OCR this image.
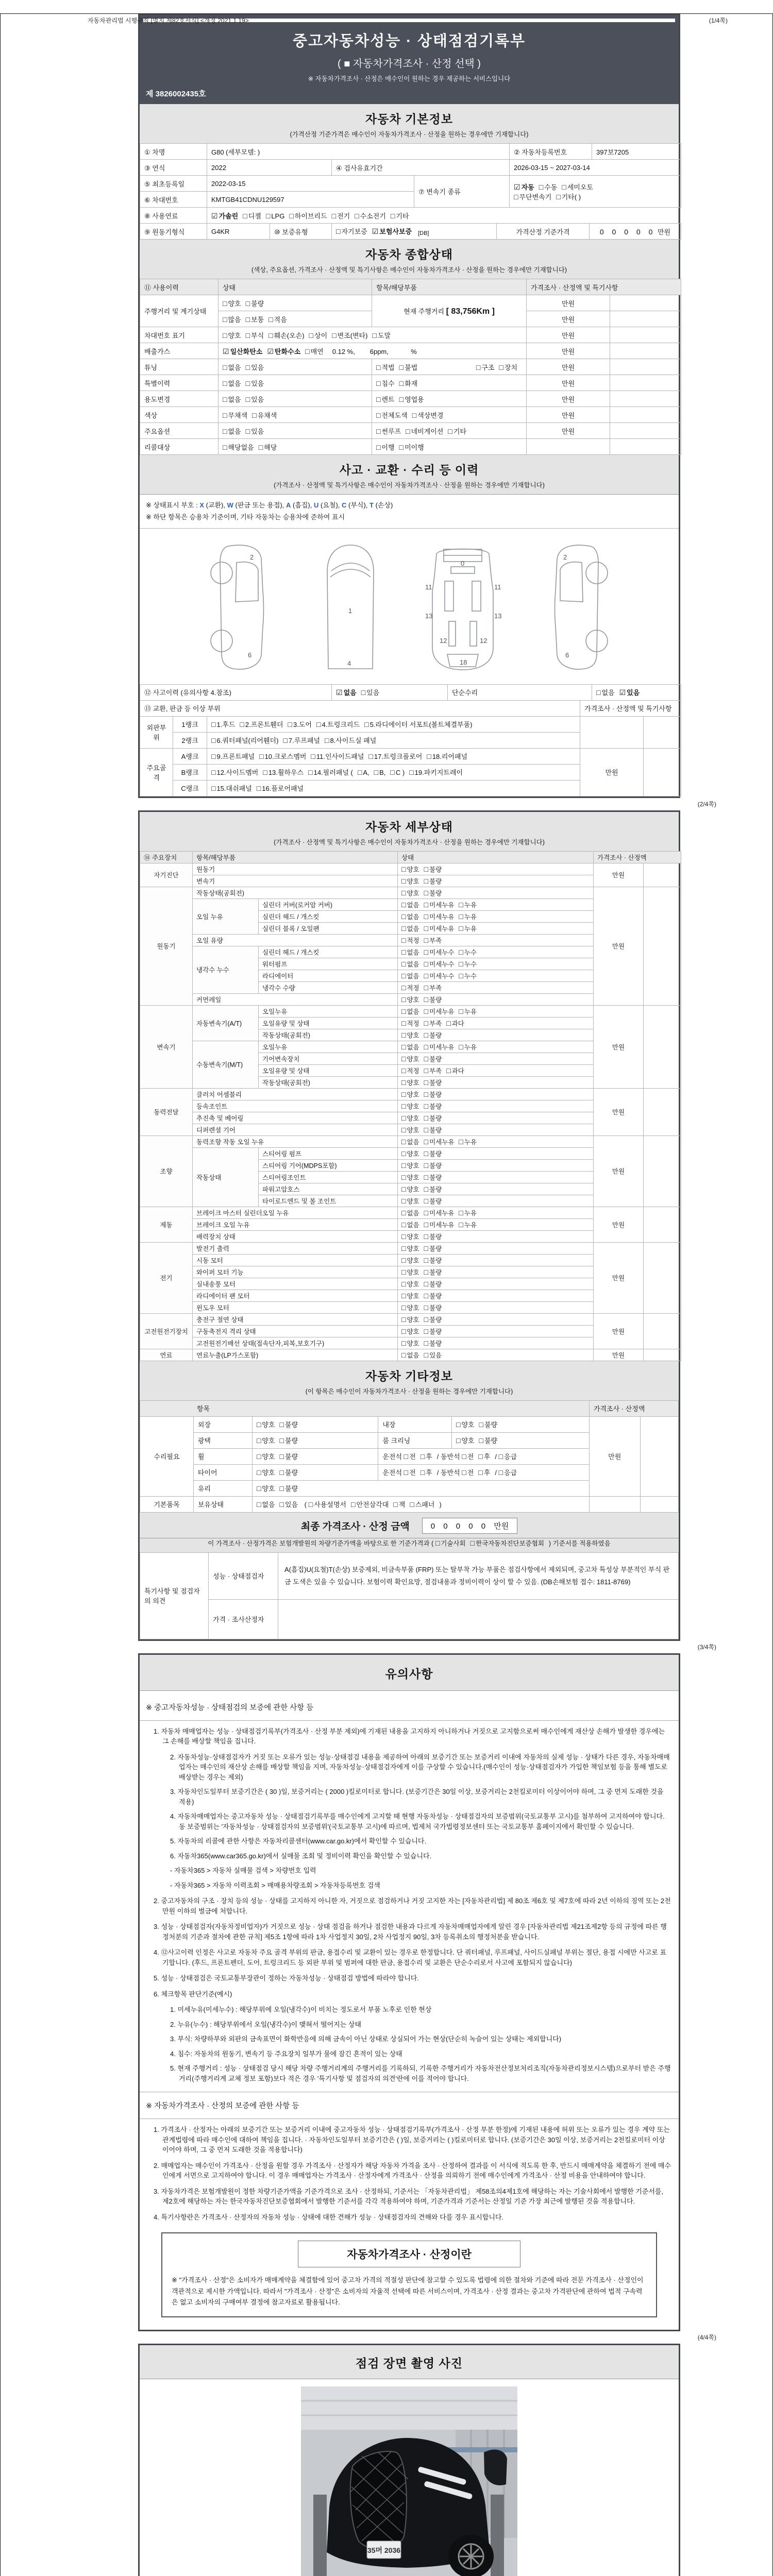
자동차관리법 시행규칙 [별지 제82호서식] <개정 2021.1.19>	(1/4쪽)
중고자동차성능 · 상태점검기록부
( ■ 자동차가격조사 · 산정 선택 )
※ 자동차가격조사 · 산정은 매수인이 원하는 경우 제공하는 서비스입니다
제 3826002435호
자동차 기본정보
(가격산정 기준가격은 매수인이 자동차가격조사 · 산정을 원하는 경우에만 기재합니다)
① 차명	G80 (세부모델: )	② 자동차등록번호	397보7205
③ 연식	2022	④ 검사유효기간	2026-03-15 ~ 2027-03-14
⑤ 최초등록일	2022-03-15	⑦ 변속기 종류	☑ 자동 □ 수동 □ 세미오토
□ 무단변속기 □ 기타( )
⑥ 차대번호	KMTGB41CDNU129597		
⑧ 사용연료	☑ 가솔린 □ 디젤 □ LPG □ 하이브리드 □ 전기 □ 수소전기 □ 기타
⑨ 원동기형식	G4KR	⑩ 보증유형	□ 자기보증 ☑ 보험사보증 [DB]	가격산정 기준가격	0 0 0 0 0 만원
자동차 종합상태
(색상, 주요옵션, 가격조사 · 산정액 및 특기사항은 매수인이 자동차가격조사 · 산정을 원하는 경우에만 기재합니다)
⑪ 사용이력	상태	항목/해당부품	가격조사 · 산정액 및 특기사항	
주행거리 및 계기상태	□ 양호 □ 불량	현재 주행거리 [ 83,756Km ]	만원	
	□ 많음 □ 보통 □ 적음		만원	
차대번호 표기	□ 양호 □ 부식 □ 훼손(오손) □ 상이 □ 변조(변타) □ 도말		만원	
배출가스	☑ 일산화탄소 ☑ 탄화수소 □ 매연 0.12 %,        6ppm,            %		만원	
튜닝	□ 없음 □ 있음	□ 적법 □ 불법 □ 구조 □ 장치	만원	
특별이력	□ 없음 □ 있음	□ 침수 □ 화재	만원	
용도변경	□ 없음 □ 있음	□ 렌트 □ 영업용	만원	
색상	□ 무채색 □ 유채색	□ 전체도색 □ 색상변경	만원	
주요옵션	□ 없음 □ 있음	□ 썬루프 □ 네비게이션 □ 기타	만원	
리콜대상	□ 해당없음 □ 해당	□ 이행 □ 미이행		
사고 · 교환 · 수리 등 이력
(가격조사 · 산정액 및 특기사항은 매수인이 자동차가격조사 · 산정을 원하는 경우에만 기재합니다)
※ 상태표시 부호 : X (교환), W (판금 또는 용접), A (흠집), U (요철), C (부식), T (손상)
※ 하단 항목은 승용차 기준이며, 기타 자동차는 승용차에 준하여 표시
2
6
1
4
11	11
13	13
12	12
0
18
2
6
⑫ 사고이력 (유의사항 4.참조)	☑ 없음 □ 있음	단순수리	□ 없음 ☑ 있음
⑬ 교환, 판금 등 이상 부위			가격조사 · 산정액 및 특기사항	
외판부위	1랭크	□ 1.후드 □ 2.프론트휀더 □ 3.도어 □ 4.트렁크리드 □ 5.라디에이터 서포트(볼트체결부품)		
	2랭크	□ 6.쿼터패널(리어휀더) □ 7.루프패널 □ 8.사이드실 패널		
주요골격	A랭크	□ 9.프론트패널 □ 10.크로스멤버 □ 11.인사이드패널 □ 17.트렁크플로어 □ 18.리어패널	만원	
	B랭크	□ 12.사이드멤버 □ 13.휠하우스 □ 14.필러패널 ( □ A, □ B, □ C ) □ 19.파키지트레이		
	C랭크	□ 15.대쉬패널 □ 16.플로어패널		
(2/4쪽)
자동차 세부상태
(가격조사 · 산정액 및 특기사항은 매수인이 자동차가격조사 · 산정을 원하는 경우에만 기재합니다)
⑭ 주요장치	항목/해당부품		상태	가격조사 · 산정액	
자기진단	원동기		□ 양호 □ 불량	만원	
	변속기		□ 양호 □ 불량		
원동기	작동상태(공회전)		□ 양호 □ 불량	만원	
	오일 누유	실린더 커버(로커암 커버)	□ 없음 □ 미세누유 □ 누유		
		실린더 헤드 / 개스킷	□ 없음 □ 미세누유 □ 누유		
		실린더 블록 / 오일팬	□ 없음 □ 미세누유 □ 누유		
	오일 유량		□ 적정 □ 부족		
	냉각수 누수	실린더 헤드 / 개스킷	□ 없음 □ 미세누수 □ 누수		
		워터펌프	□ 없음 □ 미세누수 □ 누수		
		라디에이터	□ 없음 □ 미세누수 □ 누수		
		냉각수 수량	□ 적정 □ 부족		
	커먼레일		□ 양호 □ 불량		
변속기	자동변속기(A/T)	오일누유	□ 없음 □ 미세누유 □ 누유	만원	
		오일유량 및 상태	□ 적정 □ 부족 □ 과다		
		작동상태(공회전)	□ 양호 □ 불량		
	수동변속기(M/T)	오일누유	□ 없음 □ 미세누유 □ 누유		
		기어변속장치	□ 양호 □ 불량		
		오일유량 및 상태	□ 적정 □ 부족 □ 과다		
		작동상태(공회전)	□ 양호 □ 불량		
동력전달	클러치 어셈블리		□ 양호 □ 불량	만원	
	등속조인트		□ 양호 □ 불량		
	추진축 및 베어링		□ 양호 □ 불량		
	디퍼렌셜 기어		□ 양호 □ 불량		
조향	동력조향 작동 오일 누유		□ 없음 □ 미세누유 □ 누유	만원	
	작동상태	스티어링 펌프	□ 양호 □ 불량		
		스티어링 기어(MDPS포함)	□ 양호 □ 불량		
		스티어링조인트	□ 양호 □ 불량		
		파워고압호스	□ 양호 □ 불량		
		타이로드엔드 및 볼 조인트	□ 양호 □ 불량		
제동	브레이크 마스터 실린더오일 누유		□ 없음 □ 미세누유 □ 누유	만원	
	브레이크 오일 누유		□ 없음 □ 미세누유 □ 누유		
	배력장치 상태		□ 양호 □ 불량		
전기	발전기 출력		□ 양호 □ 불량	만원	
	시동 모터		□ 양호 □ 불량		
	와이퍼 모터 기능		□ 양호 □ 불량		
	실내송풍 모터		□ 양호 □ 불량		
	라디에이터 팬 모터		□ 양호 □ 불량		
	윈도우 모터		□ 양호 □ 불량		
고전원전기장치	충전구 절연 상태		□ 양호 □ 불량	만원	
	구동축전지 격리 상태		□ 양호 □ 불량		
	고전원전기배선 상태(접속단자,피복,보호기구)		□ 양호 □ 불량		
연료	연료누출(LP가스포함)		□ 없음 □ 있음	만원	
자동차 기타정보
(이 항목은 매수인이 자동차가격조사 · 산정을 원하는 경우에만 기재합니다)
항목					가격조사 · 산정액	
수리필요	외장	□ 양호 □ 불량	내장	□ 양호 □ 불량	만원	
	광택	□ 양호 □ 불량	룸 크리닝	□ 양호 □ 불량		
	휠	□ 양호 □ 불량	운전석 □ 전 □ 후 / 동반석 □ 전 □ 후 / □ 응급			
	타이어	□ 양호 □ 불량	운전석 □ 전 □ 후 / 동반석 □ 전 □ 후 / □ 응급			
	유리	□ 양호 □ 불량				
기본품목	보유상태	□ 없음 □ 있음 ( □ 사용설명서 □ 안전삼각대 □ 잭 □ 스패너 )				
최종 가격조사 · 산정 금액	0 0 0 0 0 만원
이 가격조사 · 산정가격은 보험개발원의 차량기준가액을 바탕으로 한 기준가격과 ( □ 기술사회 □ 한국자동차진단보증협회 ) 기준서를 적용하였음
특기사항 및 점검자의 의견	성능 · 상태점검자	A(흠집)U(요철)T(손상) 보증제외, 비금속부품 (FRP) 또는 탈부착 가능 부품은 점검사항에서 제외되며, 중고차 특성상 부분적인 부식 판금 도색은 있을 수 있습니다. 보험이력 확인요망, 점검내용과 정비이력이 상이 할 수 있음. (DB손해보험 접수: 1811-8769)
	가격 · 조사산정자	
(3/4쪽)
유의사항
※ 중고자동차성능 · 상태점검의 보증에 관한 사항 등
1. 자동차 매매업자는 성능 · 상태점검기록부(가격조사 · 산정 부분 제외)에 기재된 내용을 고지하지 아니하거나 거짓으로 고지함으로써 매수인에게 재산상 손해가 발생한 경우에는 그 손해를 배상할 책임을 집니다.
2. 자동차성능·상태점검자가 거짓 또는 오류가 있는 성능·상태점검 내용을 제공하여 아래의 보증기간 또는 보증거리 이내에 자동차의 실제 성능 · 상태가 다른 경우, 자동차매매업자는 매수인의 재산상 손해를 배상할 책임을 지며, 자동차성능·상태점검자에게 이를 구상할 수 있습니다.(매수인이 성능·상태점검자가 가입한 책임보험 등을 통해 별도로 배상받는 경우는 제외)
3. 자동차인도일부터 보증기간은 ( 30 )일, 보증거리는 ( 2000 )킬로미터로 합니다. (보증기간은 30일 이상, 보증거리는 2천킬로미터 이상이어야 하며, 그 중 먼저 도래한 것을 적용)
4. 자동차매매업자는 중고자동차 성능 · 상태점검기록부를 매수인에게 고지할 때 현행 자동차성능 · 상태점검자의 보증범위(국토교통부 고시)를 첨부하여 고지하여야 합니다. 동 보증범위는 '자동차성능 · 상태점검자의 보증범위'(국토교통부 고시)에 따르며, 법제처 국가법령정보센터 또는 국토교통부 홈페이지에서 확인할 수 있습니다.
5. 자동차의 리콜에 관한 사항은 자동차리콜센터(www.car.go.kr)에서 확인할 수 있습니다.
6. 자동차365(www.car365.go.kr)에서 실매물 조회 및 정비이력 확인을 확인할 수 있습니다.
- 자동차365 > 자동차 실매물 검색 > 차량번호 입력
- 자동차365 > 자동차 이력조회 > 매매용차량조회 > 자동차등록번호 검색
2. 중고자동차의 구조 · 장치 등의 성능 · 상태를 고지하지 아니한 자, 거짓으로 점검하거나 거짓 고지한 자는 [자동차관리법] 제 80조 제6호 및 제7호에 따라 2년 이하의 징역 또는 2천만원 이하의 벌금에 처합니다.
3. 성능 · 상태점검자(자동차정비업자)가 거짓으로 성능 · 상태 점검을 하거나 점검한 내용과 다르게 자동차매매업자에게 알린 경우 [자동차관리법 제21조제2항 등의 규정에 따른 행정처분의 기준과 절차에 관한 규칙] 제5조 1항에 따라 1차 사업정지 30일, 2차 사업정지 90일, 3차 등록취소의 행정처분을 받습니다.
4. ⑫사고이력 인정은 사고로 자동차 주요 골격 부위의 판금, 용접수리 및 교환이 있는 경우로 한정합니다. 단 쿼터패널, 루프패널, 사이드실패널 부위는 절단, 용접 시에만 사고로 표기합니다. (후드, 프론트펜더, 도어, 트렁크리드 등 외판 부위 및 범퍼에 대한 판금, 용접수리 및 교환은 단순수리로서 사고에 포함되지 않습니다)
5. 성능 · 상태점검은 국토교통부장관이 정하는 자동차성능 · 상태점검 방법에 따라야 합니다.
6. 체크항목 판단기준(예시)
1. 미세누유(미세누수) : 해당부위에 오일(냉각수)이 비치는 정도로서 부품 노후로 인한 현상
2. 누유(누수) : 해당부위에서 오일(냉각수)이 맺혀서 떨어지는 상태
3. 부식: 차량하부와 외판의 금속표면이 화학반응에 의해 금속이 아닌 상태로 상실되어 가는 현상(단순히 녹슬어 있는 상태는 제외합니다)
4. 침수: 자동차의 원동기, 변속기 등 주요장치 일부가 물에 잠긴 흔적이 있는 상태
5. 현재 주행거리 : 성능 · 상태점검 당시 해당 차량 주행거리계의 주행거리를 기록하되, 기록한 주행거리가 자동차전산정보처리조직(자동차관리정보시스템)으로부터 받은 주행거리(주행거리계 교체 정보 포함)보다 적은 경우 '특기사항 및 점검자의 의견'란에 이를 적어야 합니다.
※ 자동차가격조사 · 산정의 보증에 관한 사항 등
1. 가격조사 · 산정자는 아래의 보증기간 또는 보증거리 이내에 중고자동차 성능 · 상태점검기록부(가격조사 · 산정 부분 한정)에 기재된 내용에 허위 또는 오류가 있는 경우 계약 또는 관계법령에 따라 매수인에 대하여 책임을 집니다. · 자동차인도일부터 보증기간은 ( )일, 보증거리는 ( )킬로미터로 합니다. (보증기간은 30일 이상, 보증거리는 2천킬로미터 이상이어야 하며, 그 중 먼저 도래한 것을 적용합니다)
2. 매매업자는 매수인이 가격조사 · 산정을 원할 경우 가격조사 · 산정자가 해당 자동차 가격을 조사 · 산정하여 결과를 이 서식에 적도록 한 후, 반드시 매매계약을 체결하기 전에 매수인에게 서면으로 고지하여야 합니다. 이 경우 매매업자는 가격조사 · 산정자에게 가격조사 · 산정을 의뢰하기 전에 매수인에게 가격조사 · 산정 비용을 안내하여야 합니다.
3. 자동차가격은 보험개발원이 정한 차량기준가액을 기준가격으로 조사 · 산정하되, 기준서는 「자동차관리법」 제58조의4제1호에 해당하는 자는 기술사회에서 발행한 기준서를, 제2호에 해당하는 자는 한국자동차진단보증협회에서 발행한 기준서를 각각 적용하여야 하며, 기준가격과 기준서는 산정일 기준 가장 최근에 발행된 것을 적용합니다.
4. 특기사항란은 가격조사 · 산정자의 자동차 성능 · 상태에 대한 견해가 성능 · 상태점검자의 견해와 다를 경우 표시합니다.
자동차가격조사 · 산정이란
※ "가격조사 · 산정"은 소비자가 매매계약을 체결함에 있어 중고차 가격의 적절성 판단에 참고할 수 있도록 법령에 의한 절차와 기준에 따라 전문 가격조사 · 산정인이 객관적으로 제시한 가액입니다. 따라서 "가격조사 · 산정"은 소비자의 자율적 선택에 따른 서비스이며, 가격조사 · 산정 결과는 중고차 가격판단에 관하여 법적 구속력은 없고 소비자의 구매여부 결정에 참고자료로 활용됩니다.
(4/4쪽)
점검 장면 촬영 사진
35머 2036
